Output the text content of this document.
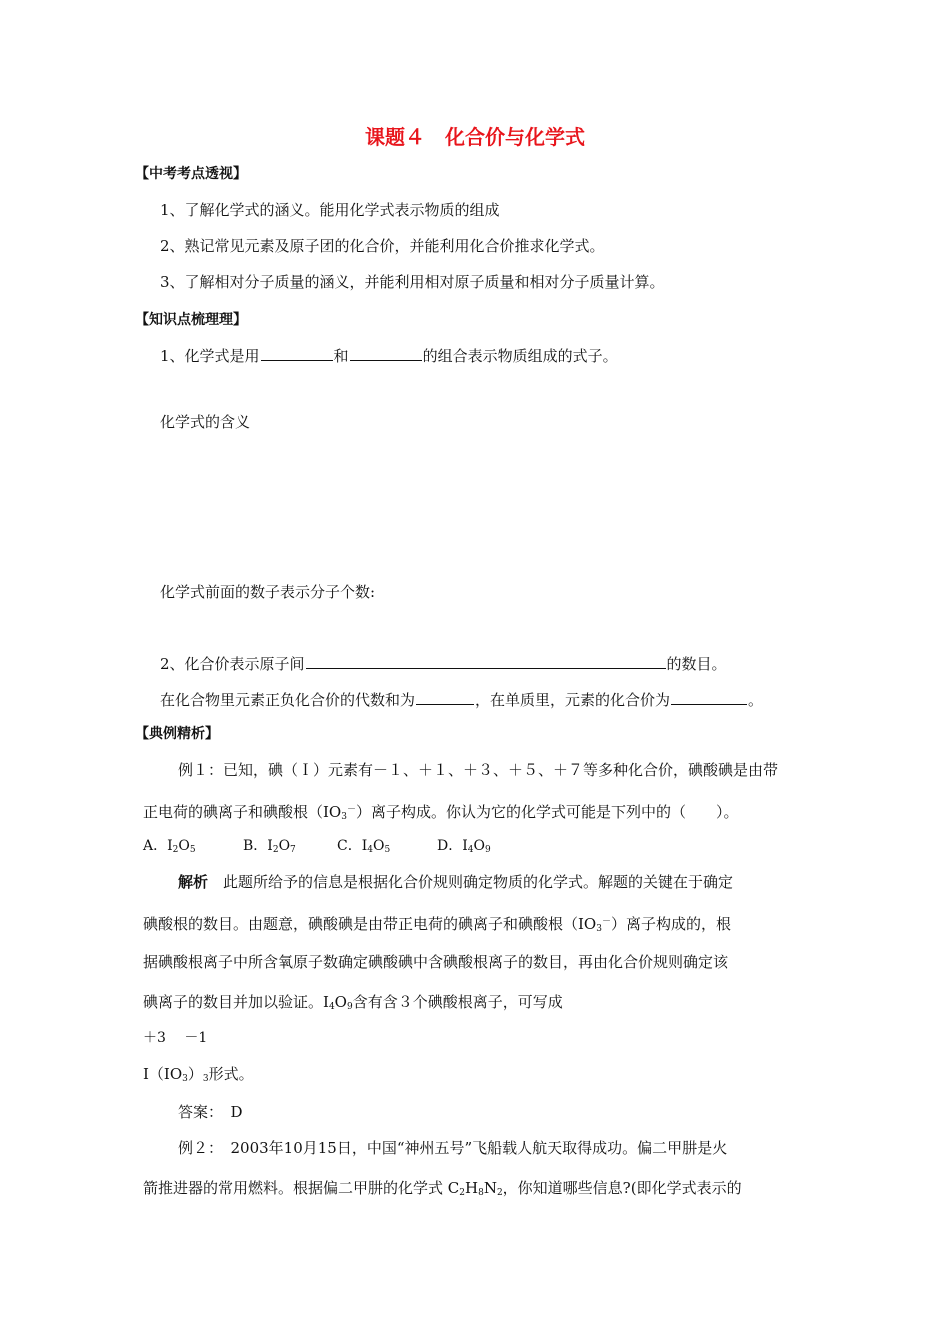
课题４　化合价与化学式
【中考考点透视】
1、了解化学式的涵义。能用化学式表示物质的组成
2、熟记常见元素及原子团的化合价，并能利用化合价推求化学式。
3、了解相对分子质量的涵义，并能利用相对原子质量和相对分子质量计算。
【知识点梳理理】
1、化学式是用	和	的组合表示物质组成的式子。
化学式的含义
化学式前面的数子表示分子个数:
2、化合价表示原子间	的数目。
在化合物里元素正负化合价的代数和为	，在单质里，元素的化合价为	。
【典例精析】
例１：已知，碘（Ｉ）元素有－１、＋１、＋３、＋５、＋７等多种化合价，碘酸碘是由带
正电荷的碘离子和碘酸根$(IO_3^-)$离子构成。你认为它的化学式可能是下列中的（　　）。
A．$I_2O_5$	B．$I_2O_7$	C．$I_4O_5$	D．$I_4O_9$
解析　此题所给予的信息是根据化合价规则确定物质的化学式。解题的关键在于确定
碘酸根的数目。由题意，碘酸碘是由带正电荷的碘离子和碘酸根$(IO_3^-)$离子构成的，根
据碘酸根离子中所含氧原子数确定碘酸碘中含碘酸根离子的数目，再由化合价规则确定该
碘离子的数目并加以验证。$I_4O_9$含有含３个碘酸根离子，可写成
＋3　 －1
$I(IO_3)_3$形式。
答案：　D
例２：　2003年10月15日，中国“神州五号”飞船载人航天取得成功。偏二甲肼是火
箭推进器的常用燃料。根据偏二甲肼的化学式 $C_2H_8N_2$，你知道哪些信息?(即化学式表示的
